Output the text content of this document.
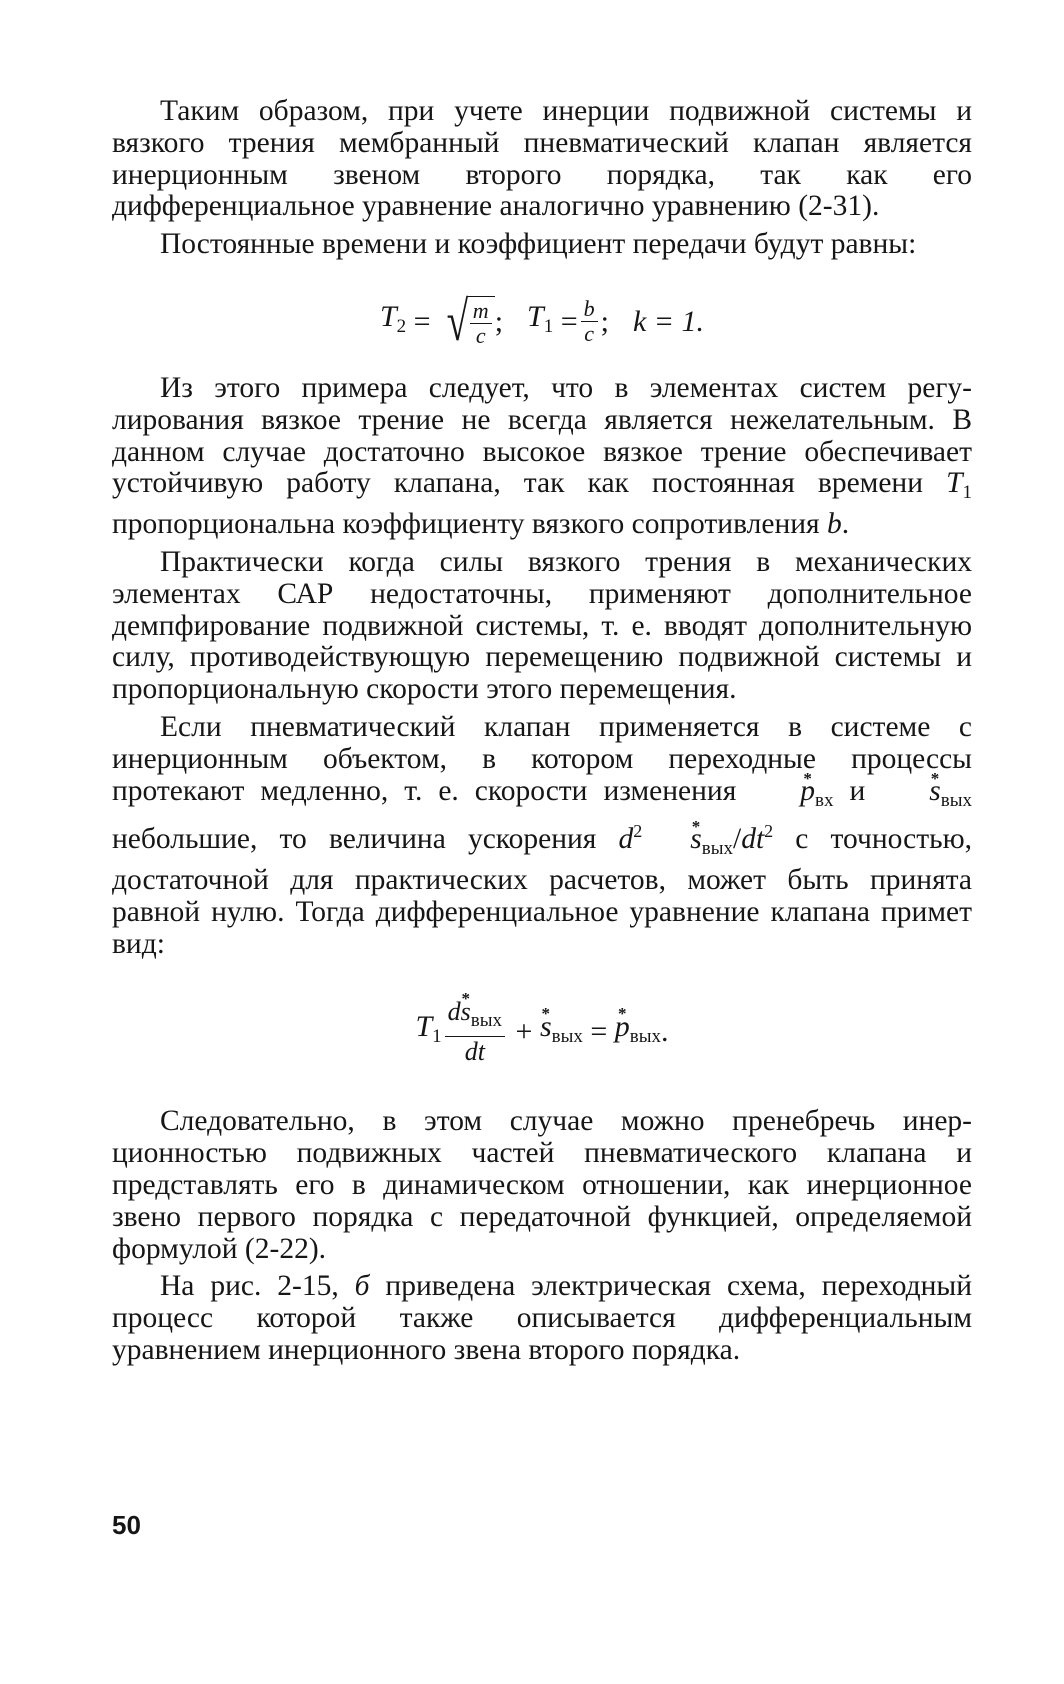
Таким образом, при учете инерции подвижной системы и вязкого трения мембранный пневматический клапан является инерционным звеном второго порядка, так как его дифференциальное уравнение аналогично уравнению (2-31).

Постоянные времени и коэффициент передачи будут равны:

$T_2$ = √ $\frac{m}{c}$ ; $T_1 = \frac{b}{c}$ ; k = 1.

Из этого примера следует, что в элементах систем регулирования вязкое трение не всегда является нежелательным. В данном случае достаточно высокое вязкое трение обеспечивает устойчивую работу клапана, так как постоянная времени $T_1$ пропорциональна коэффициенту вязкого сопротивления b.

Практически когда силы вязкого трения в механических элементах САР недостаточны, применяют дополнительное демпфирование подвижной системы, т. е. вводят дополнительную силу, противодействующую перемещению подвижной системы и пропорциональную скорости этого перемещения.

Если пневматический клапан применяется в системе с инерционным объектом, в котором переходные процессы протекают медленно, т. е. скорости изменения p $*_{вх}$ и s $*_{вых}$ небольшие, то величина ускорения $d^2$ s $*_{вых}/dt^2$ с точностью, достаточной для практических расчетов, может быть принята равной нулю. Тогда дифференциальное уравнение клапана примет вид:

$T_1 \frac{ds *_{вых}}{dt} + s$ $*_{вых} = p$ $*_{вых}$ .

Следовательно, в этом случае можно пренебречь инерционностью подвижных частей пневматического клапана и представлять его в динамическом отношении, как инерционное звено первого порядка с передаточной функцией, определяемой формулой (2-22).

На рис. 2-15, б приведена электрическая схема, переходный процесс которой также описывается дифференциальным уравнением инерционного звена второго порядка.

50
